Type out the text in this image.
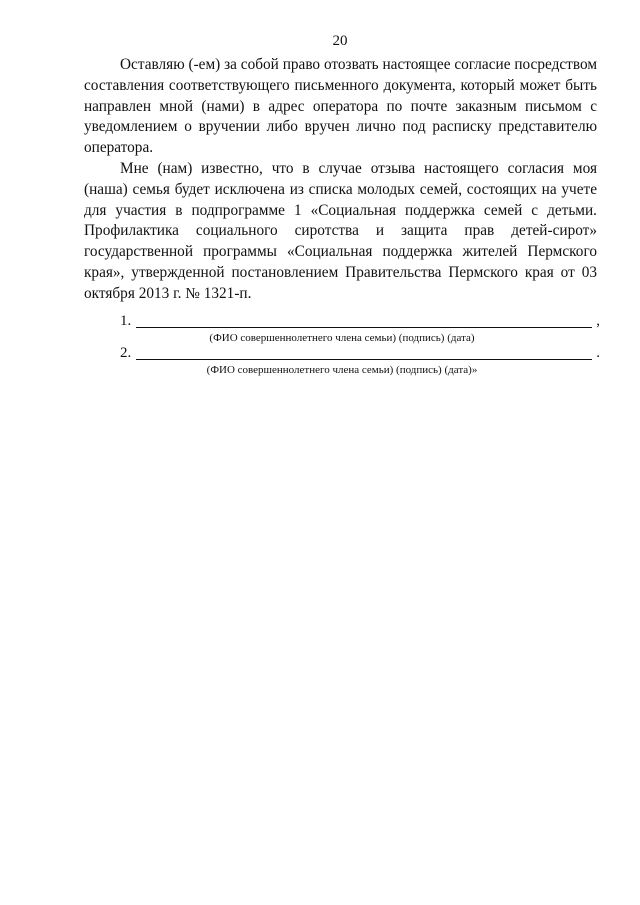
20

Оставляю (-ем) за собой право отозвать настоящее согласие посредством составления соответствующего письменного документа, который может быть направлен мной (нами) в адрес оператора по почте заказным письмом с уведомлением о вручении либо вручен лично под расписку представителю оператора.

Мне (нам) известно, что в случае отзыва настоящего согласия моя (наша) семья будет исключена из списка молодых семей, состоящих на учете для участия в подпрограмме 1 «Социальная поддержка семей с детьми. Профилактика социального сиротства и защита прав детей-сирот» государственной программы «Социальная поддержка жителей Пермского края», утвержденной постановлением Правительства Пермского края от 03 октября 2013 г. № 1321-п.

1.	,
(ФИО совершеннолетнего члена семьи) (подпись) (дата)
2.	.
(ФИО совершеннолетнего члена семьи) (подпись) (дата)»
